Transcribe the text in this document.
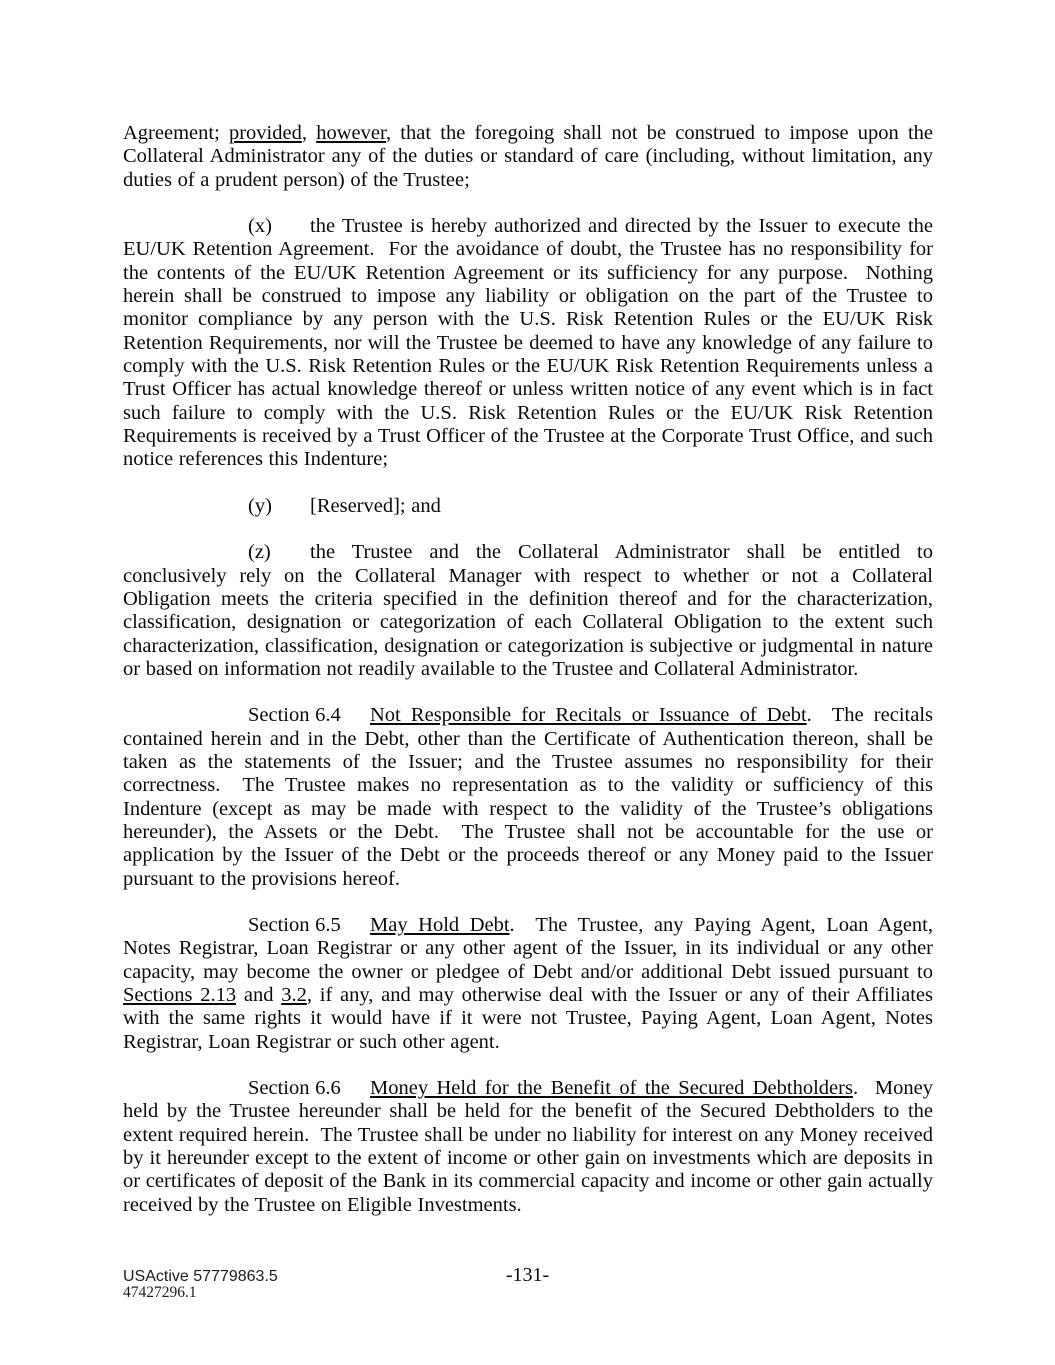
Agreement; provided, however, that the foregoing shall not be construed to impose upon the Collateral Administrator any of the duties or standard of care (including, without limitation, any duties of a prudent person) of the Trustee;

(x) the Trustee is hereby authorized and directed by the Issuer to execute the EU/UK Retention Agreement.  For the avoidance of doubt, the Trustee has no responsibility for the contents of the EU/UK Retention Agreement or its sufficiency for any purpose.  Nothing herein shall be construed to impose any liability or obligation on the part of the Trustee to monitor compliance by any person with the U.S. Risk Retention Rules or the EU/UK Risk Retention Requirements, nor will the Trustee be deemed to have any knowledge of any failure to comply with the U.S. Risk Retention Rules or the EU/UK Risk Retention Requirements unless a Trust Officer has actual knowledge thereof or unless written notice of any event which is in fact such failure to comply with the U.S. Risk Retention Rules or the EU/UK Risk Retention Requirements is received by a Trust Officer of the Trustee at the Corporate Trust Office, and such notice references this Indenture;

(y) [Reserved]; and

(z) the Trustee and the Collateral Administrator shall be entitled to conclusively rely on the Collateral Manager with respect to whether or not a Collateral Obligation meets the criteria specified in the definition thereof and for the characterization, classification, designation or categorization of each Collateral Obligation to the extent such characterization, classification, designation or categorization is subjective or judgmental in nature or based on information not readily available to the Trustee and Collateral Administrator.

Section 6.4 Not Responsible for Recitals or Issuance of Debt.  The recitals contained herein and in the Debt, other than the Certificate of Authentication thereon, shall be taken as the statements of the Issuer; and the Trustee assumes no responsibility for their correctness.  The Trustee makes no representation as to the validity or sufficiency of this Indenture (except as may be made with respect to the validity of the Trustee’s obligations hereunder), the Assets or the Debt.  The Trustee shall not be accountable for the use or application by the Issuer of the Debt or the proceeds thereof or any Money paid to the Issuer pursuant to the provisions hereof.

Section 6.5 May Hold Debt.  The Trustee, any Paying Agent, Loan Agent, Notes Registrar, Loan Registrar or any other agent of the Issuer, in its individual or any other capacity, may become the owner or pledgee of Debt and/or additional Debt issued pursuant to Sections 2.13 and 3.2, if any, and may otherwise deal with the Issuer or any of their Affiliates with the same rights it would have if it were not Trustee, Paying Agent, Loan Agent, Notes Registrar, Loan Registrar or such other agent.

Section 6.6 Money Held for the Benefit of the Secured Debtholders.  Money held by the Trustee hereunder shall be held for the benefit of the Secured Debtholders to the extent required herein.  The Trustee shall be under no liability for interest on any Money received by it hereunder except to the extent of income or other gain on investments which are deposits in or certificates of deposit of the Bank in its commercial capacity and income or other gain actually received by the Trustee on Eligible Investments.

USActive 57779863.5
47427296.1
-131-
